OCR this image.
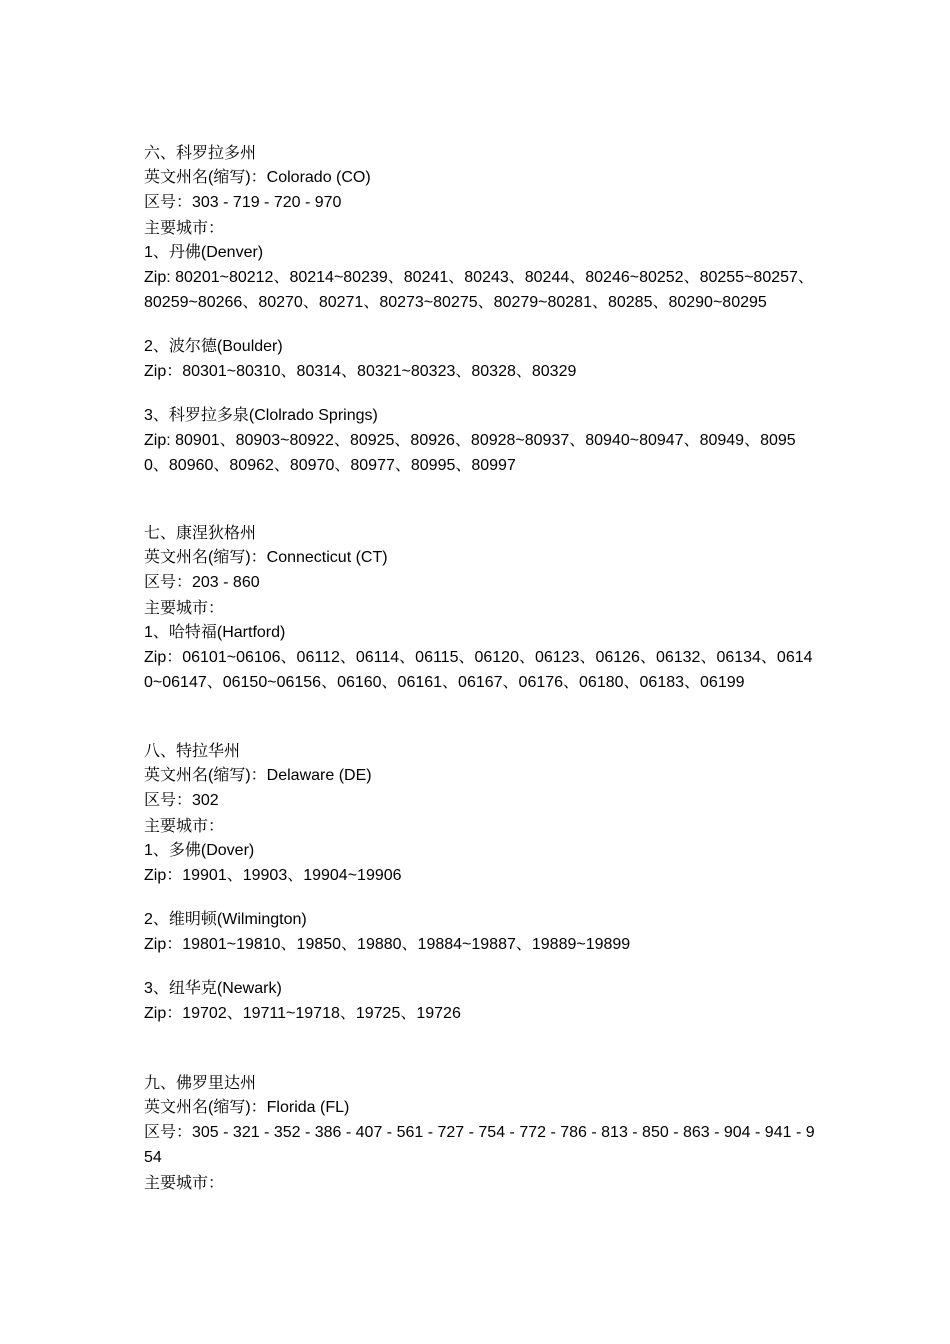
六、科罗拉多州
英文州名(缩写)：Colorado (CO)
区号：303 - 719 - 720 - 970
主要城市：
1、丹佛(Denver)
Zip: 80201~80212、80214~80239、80241、80243、80244、80246~80252、80255~80257、80259~80266、80270、80271、80273~80275、80279~80281、80285、80290~80295
2、波尔德(Boulder)
Zip：80301~80310、80314、80321~80323、80328、80329
3、科罗拉多泉(Clolrado Springs)
Zip: 80901、80903~80922、80925、80926、80928~80937、80940~80947、80949、80950、80960、80962、80970、80977、80995、80997
七、康涅狄格州
英文州名(缩写)：Connecticut (CT)
区号：203 - 860
主要城市：
1、哈特福(Hartford)
Zip：06101~06106、06112、06114、06115、06120、06123、06126、06132、06134、06140~06147、06150~06156、06160、06161、06167、06176、06180、06183、06199
八、特拉华州
英文州名(缩写)：Delaware (DE)
区号：302
主要城市：
1、多佛(Dover)
Zip：19901、19903、19904~19906
2、维明顿(Wilmington)
Zip：19801~19810、19850、19880、19884~19887、19889~19899
3、纽华克(Newark)
Zip：19702、19711~19718、19725、19726
九、佛罗里达州
英文州名(缩写)：Florida (FL)
区号：305 - 321 - 352 - 386 - 407 - 561 - 727 - 754 - 772 - 786 - 813 - 850 - 863 - 904 - 941 - 954
主要城市：
